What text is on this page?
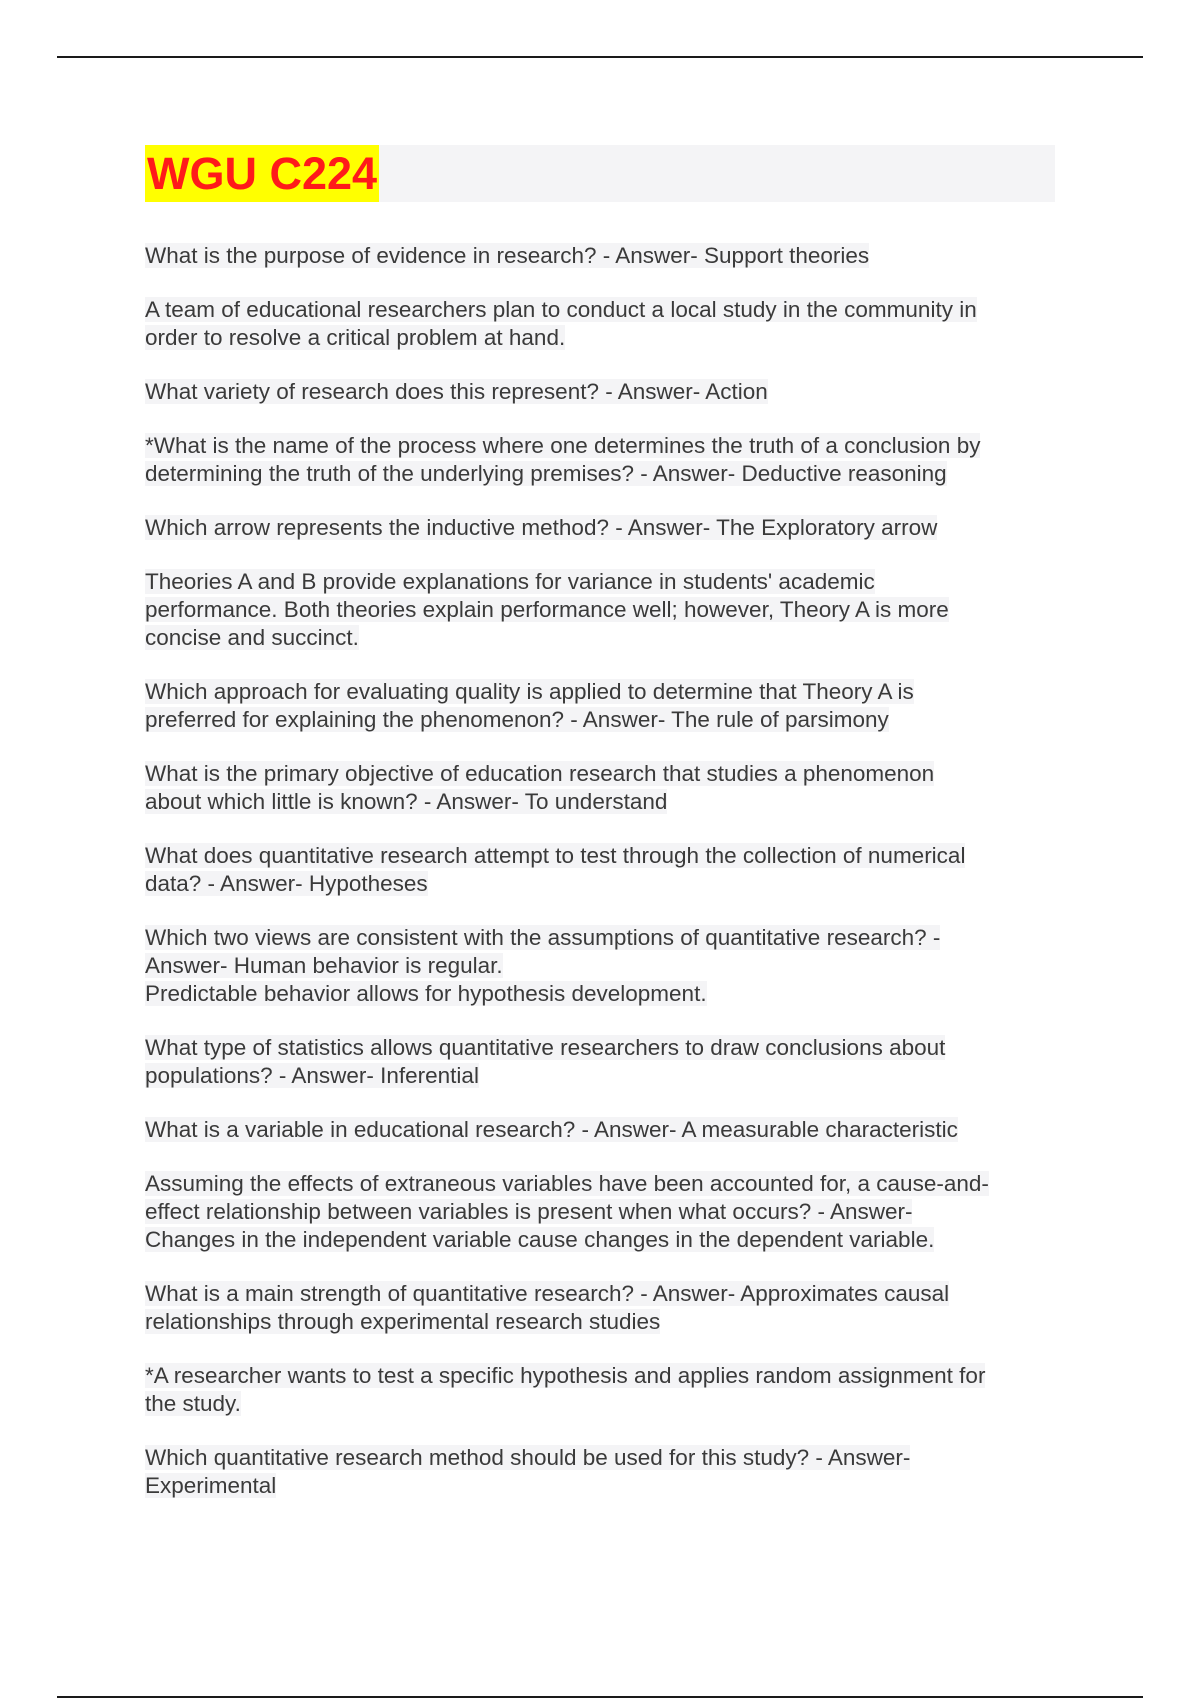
WGU C224
What is the purpose of evidence in research? - Answer- Support theories
A team of educational researchers plan to conduct a local study in the community in
order to resolve a critical problem at hand.
What variety of research does this represent? - Answer- Action
*What is the name of the process where one determines the truth of a conclusion by
determining the truth of the underlying premises? - Answer- Deductive reasoning
Which arrow represents the inductive method? - Answer- The Exploratory arrow
Theories A and B provide explanations for variance in students' academic
performance. Both theories explain performance well; however, Theory A is more
concise and succinct.
Which approach for evaluating quality is applied to determine that Theory A is
preferred for explaining the phenomenon? - Answer- The rule of parsimony
What is the primary objective of education research that studies a phenomenon
about which little is known? - Answer- To understand
What does quantitative research attempt to test through the collection of numerical
data? - Answer- Hypotheses
Which two views are consistent with the assumptions of quantitative research? -
Answer- Human behavior is regular.
Predictable behavior allows for hypothesis development.
What type of statistics allows quantitative researchers to draw conclusions about
populations? - Answer- Inferential
What is a variable in educational research? - Answer- A measurable characteristic
Assuming the effects of extraneous variables have been accounted for, a cause-and-
effect relationship between variables is present when what occurs? - Answer-
Changes in the independent variable cause changes in the dependent variable.
What is a main strength of quantitative research? - Answer- Approximates causal
relationships through experimental research studies
*A researcher wants to test a specific hypothesis and applies random assignment for
the study.
Which quantitative research method should be used for this study? - Answer-
Experimental
